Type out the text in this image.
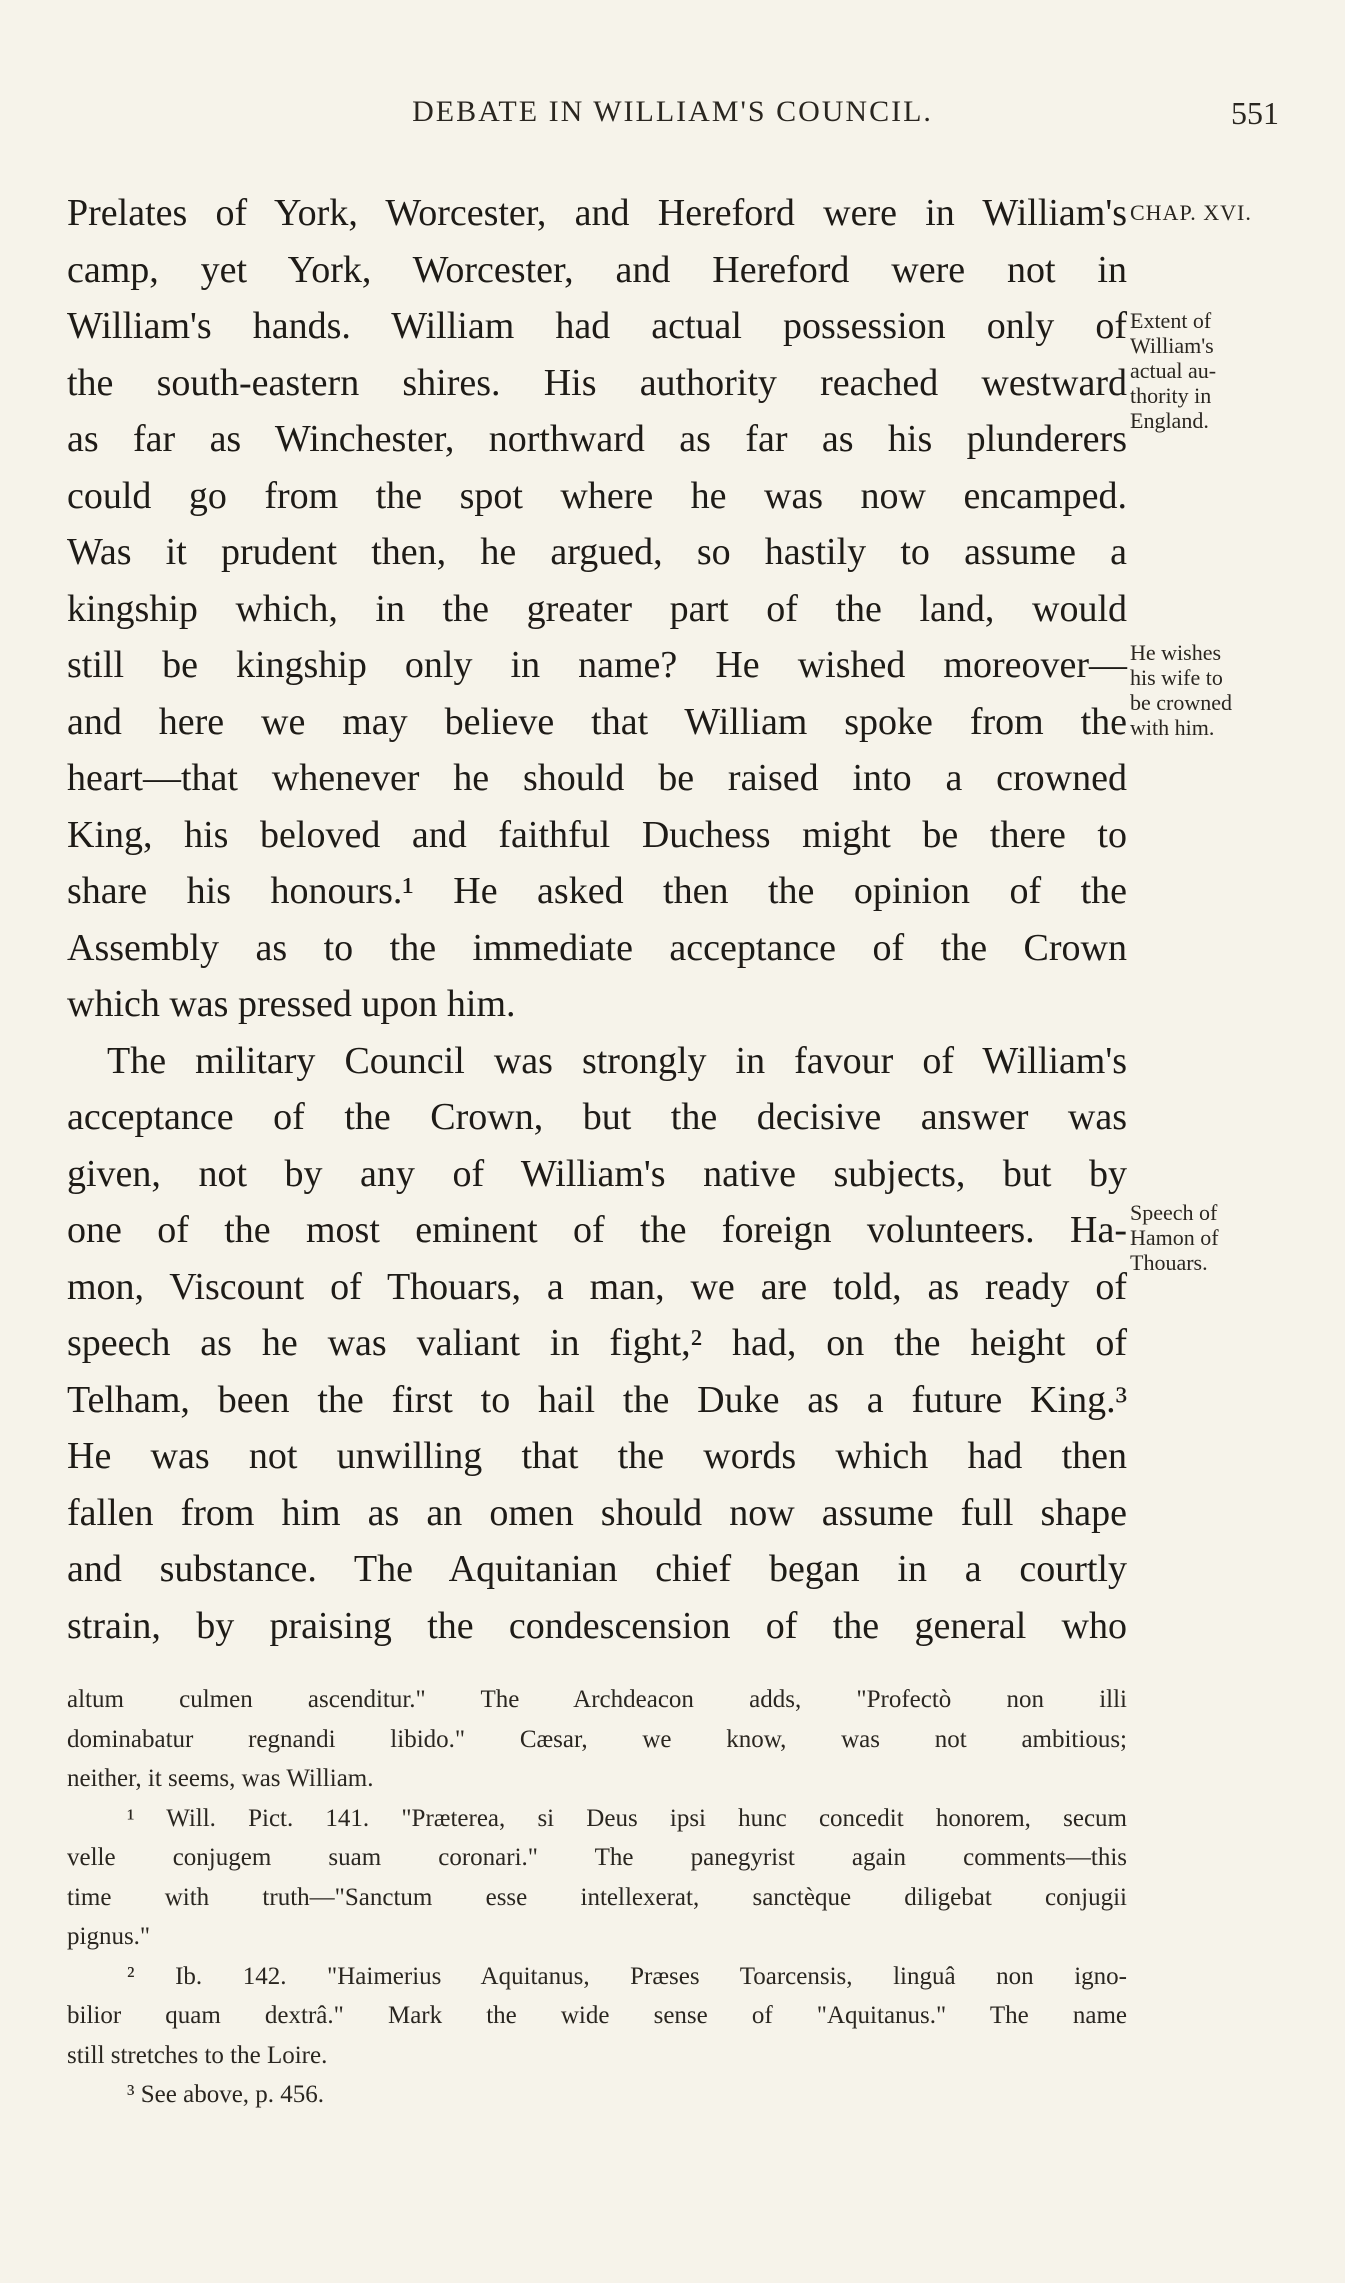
DEBATE IN WILLIAM'S COUNCIL.	551
Prelates of York, Worcester, and Hereford were in William's
camp, yet York, Worcester, and Hereford were not in
William's hands. William had actual possession only of
the south-eastern shires. His authority reached westward
as far as Winchester, northward as far as his plunderers
could go from the spot where he was now encamped.
Was it prudent then, he argued, so hastily to assume a
kingship which, in the greater part of the land, would
still be kingship only in name? He wished moreover—
and here we may believe that William spoke from the
heart—that whenever he should be raised into a crowned
King, his beloved and faithful Duchess might be there to
share his honours.¹ He asked then the opinion of the
Assembly as to the immediate acceptance of the Crown
which was pressed upon him.
The military Council was strongly in favour of William's
acceptance of the Crown, but the decisive answer was
given, not by any of William's native subjects, but by
one of the most eminent of the foreign volunteers. Ha-
mon, Viscount of Thouars, a man, we are told, as ready of
speech as he was valiant in fight,² had, on the height of
Telham, been the first to hail the Duke as a future King.³
He was not unwilling that the words which had then
fallen from him as an omen should now assume full shape
and substance. The Aquitanian chief began in a courtly
strain, by praising the condescension of the general who
CHAP. XVI.
Extent of
William's
actual au-
thority in
England.
He wishes
his wife to
be crowned
with him.
Speech of
Hamon of
Thouars.
altum culmen ascenditur." The Archdeacon adds, "Profectò non illi
dominabatur regnandi libido." Cæsar, we know, was not ambitious;
neither, it seems, was William.
¹ Will. Pict. 141. "Præterea, si Deus ipsi hunc concedit honorem, secum
velle conjugem suam coronari." The panegyrist again comments—this
time with truth—"Sanctum esse intellexerat, sanctèque diligebat conjugii
pignus."
² Ib. 142. "Haimerius Aquitanus, Præses Toarcensis, linguâ non igno-
bilior quam dextrâ." Mark the wide sense of "Aquitanus." The name
still stretches to the Loire.
³ See above, p. 456.
